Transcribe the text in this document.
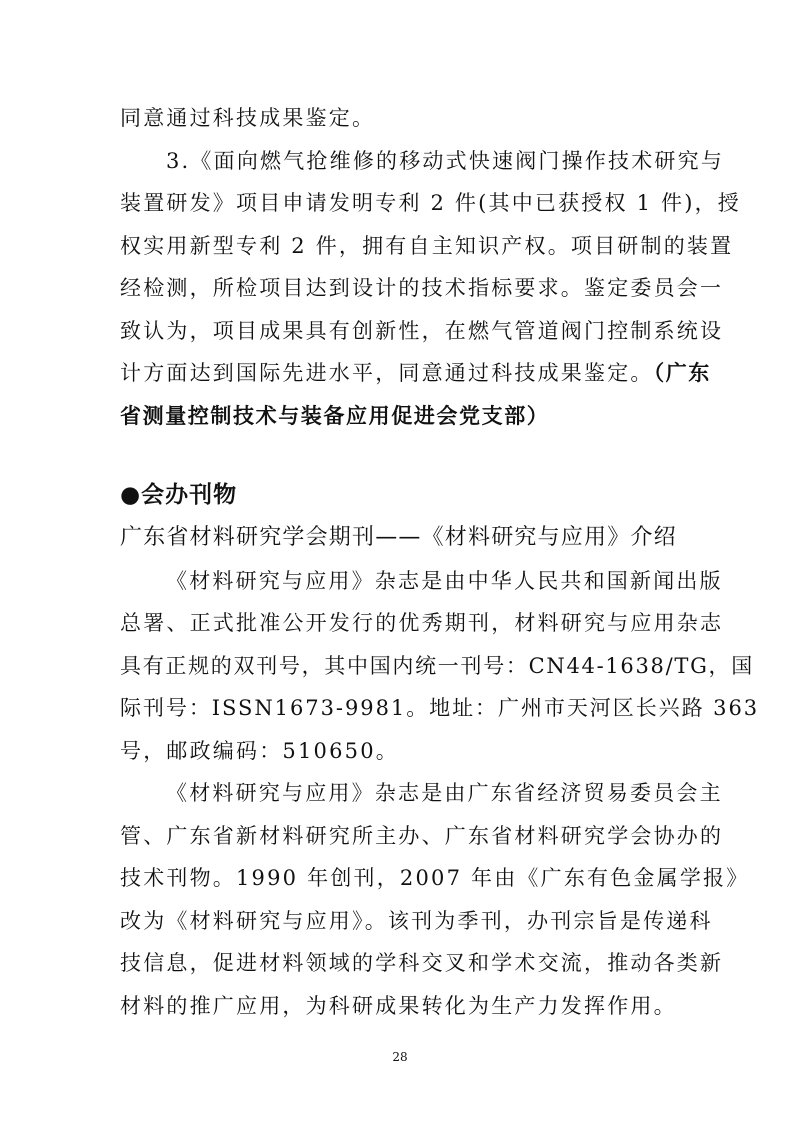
同意通过科技成果鉴定。
3.《面向燃气抢维修的移动式快速阀门操作技术研究与
装置研发》项目申请发明专利 2 件(其中已获授权 1 件)，授
权实用新型专利 2 件，拥有自主知识产权。项目研制的装置
经检测，所检项目达到设计的技术指标要求。鉴定委员会一
致认为，项目成果具有创新性，在燃气管道阀门控制系统设
计方面达到国际先进水平，同意通过科技成果鉴定。（广东
省测量控制技术与装备应用促进会党支部）
●会办刊物
广东省材料研究学会期刊——《材料研究与应用》介绍
《材料研究与应用》杂志是由中华人民共和国新闻出版
总署、正式批准公开发行的优秀期刊，材料研究与应用杂志
具有正规的双刊号，其中国内统一刊号：CN44-1638/TG，国
际刊号：ISSN1673-9981。地址：广州市天河区长兴路 363
号，邮政编码：510650。
《材料研究与应用》杂志是由广东省经济贸易委员会主
管、广东省新材料研究所主办、广东省材料研究学会协办的
技术刊物。1990 年创刊，2007 年由《广东有色金属学报》
改为《材料研究与应用》。该刊为季刊，办刊宗旨是传递科
技信息，促进材料领域的学科交叉和学术交流，推动各类新
材料的推广应用，为科研成果转化为生产力发挥作用。
28
